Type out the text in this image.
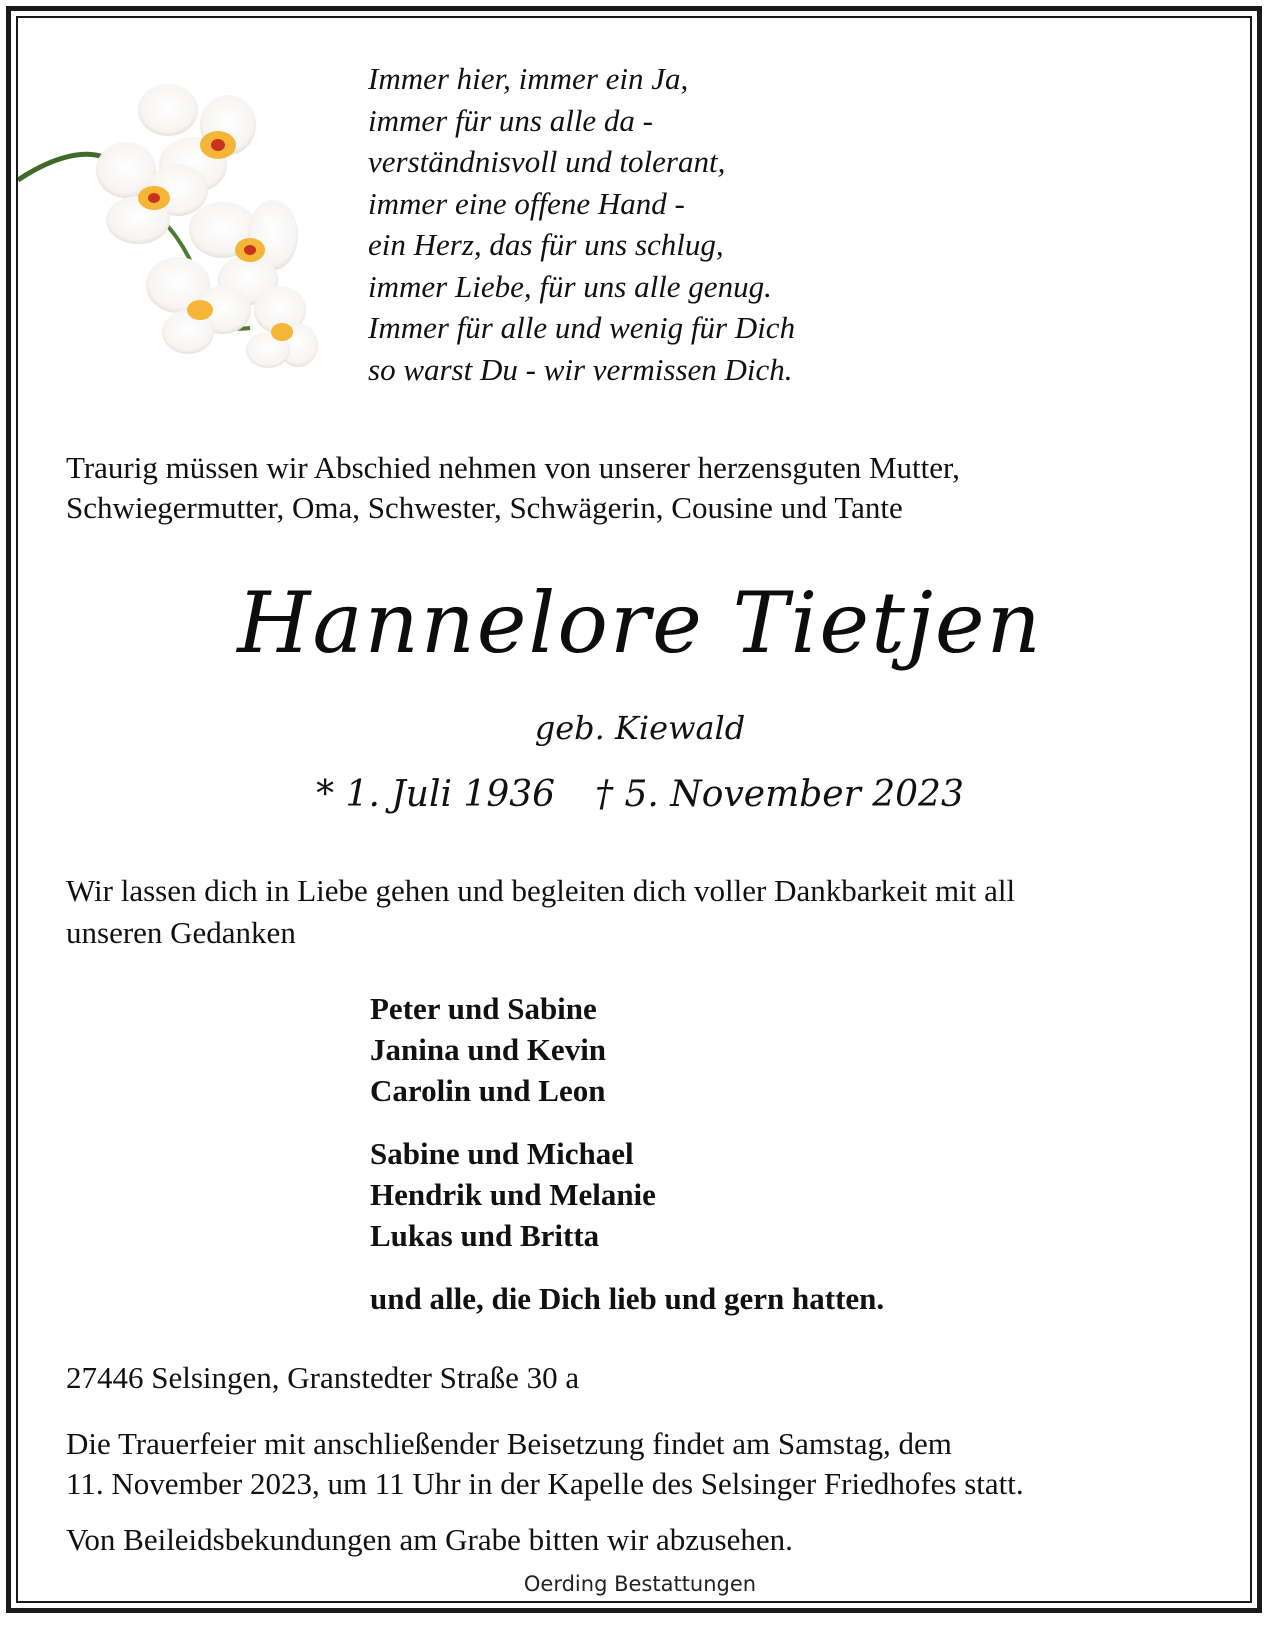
Immer hier, immer ein Ja,
immer für uns alle da -
verständnisvoll und tolerant,
immer eine offene Hand -
ein Herz, das für uns schlug,
immer Liebe, für uns alle genug.
Immer für alle und wenig für Dich
so warst Du - wir vermissen Dich.
Traurig müssen wir Abschied nehmen von unserer herzensguten Mutter,
Schwiegermutter, Oma, Schwester, Schwägerin, Cousine und Tante
Hannelore Tietjen
geb. Kiewald
* 1. Juli 1936 † 5. November 2023
Wir lassen dich in Liebe gehen und begleiten dich voller Dankbarkeit mit all
unseren Gedanken
Peter und Sabine
Janina und Kevin
Carolin und Leon
Sabine und Michael
Hendrik und Melanie
Lukas und Britta
und alle, die Dich lieb und gern hatten.
27446 Selsingen, Granstedter Straße 30 a
Die Trauerfeier mit anschließender Beisetzung findet am Samstag, dem
11. November 2023, um 11 Uhr in der Kapelle des Selsinger Friedhofes statt.
Von Beileidsbekundungen am Grabe bitten wir abzusehen.
Oerding Bestattungen
